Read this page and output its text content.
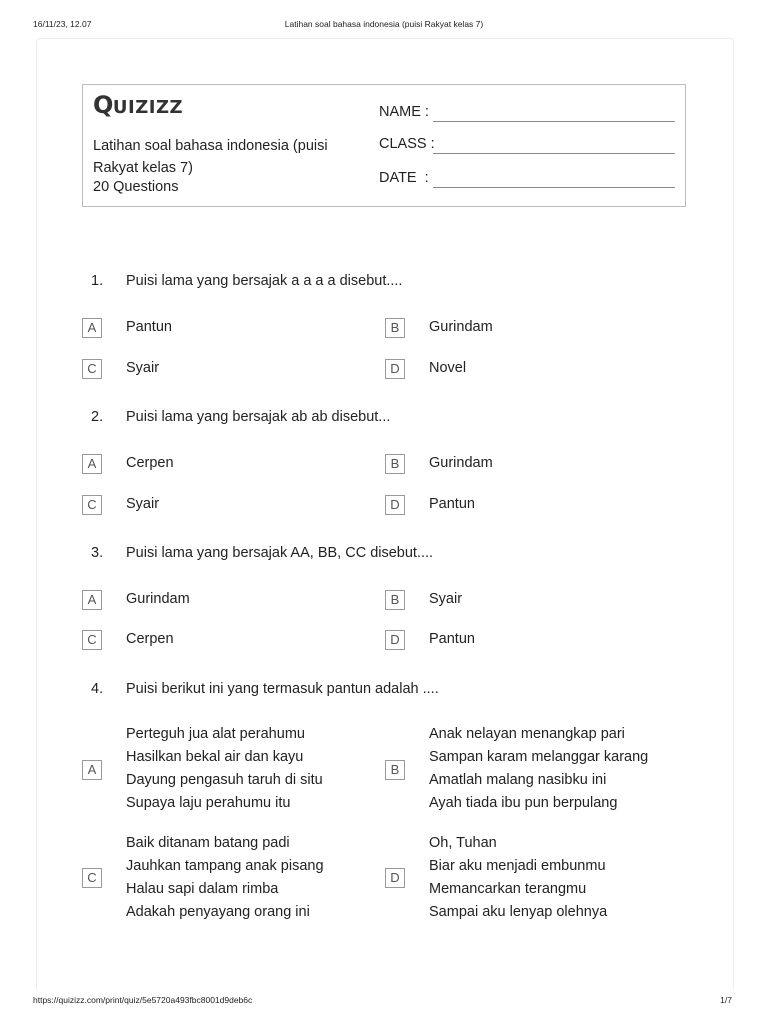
16/11/23, 12.07	Latihan soal bahasa indonesia (puisi Rakyat kelas 7)
QUIZIZZ
Latihan soal bahasa indonesia (puisi Rakyat kelas 7)
20 Questions
NAME :
CLASS :
DATE  :
1. Puisi lama yang bersajak a a a a disebut....
A	Pantun	B	Gurindam
C	Syair	D	Novel
2. Puisi lama yang bersajak ab ab disebut...
A	Cerpen	B	Gurindam
C	Syair	D	Pantun
3. Puisi lama yang bersajak AA, BB, CC disebut....
A	Gurindam	B	Syair
C	Cerpen	D	Pantun
4. Puisi berikut ini yang termasuk pantun adalah ....
A
Perteguh jua alat perahumu
Hasilkan bekal air dan kayu
Dayung pengasuh taruh di situ
Supaya laju perahumu itu
B
Anak nelayan menangkap pari
Sampan karam melanggar karang
Amatlah malang nasibku ini
Ayah tiada ibu pun berpulang
C
Baik ditanam batang padi
Jauhkan tampang anak pisang
Halau sapi dalam rimba
Adakah penyayang orang ini
D
Oh, Tuhan
Biar aku menjadi embunmu
Memancarkan terangmu
Sampai aku lenyap olehnya
https://quizizz.com/print/quiz/5e5720a493fbc8001d9deb6c	1/7
